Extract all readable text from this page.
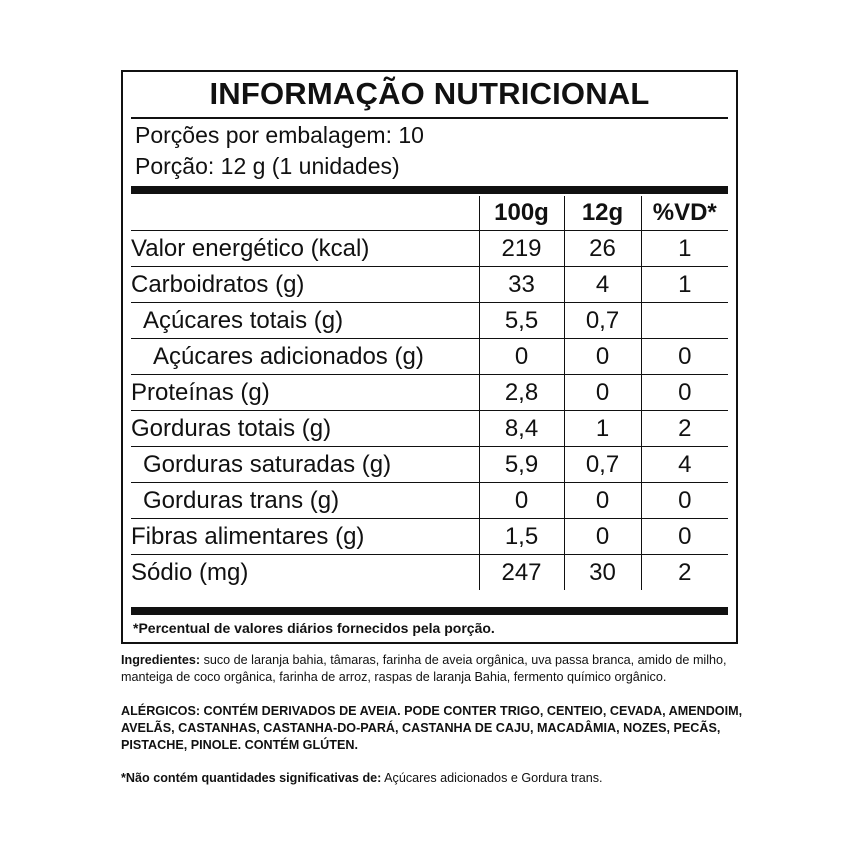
INFORMAÇÃO NUTRICIONAL
Porções por embalagem: 10
Porção: 12 g (1 unidades)
	100g	12g	%VD*
Valor energético (kcal)	219	26	1
Carboidratos (g)	33	4	1
Açúcares totais (g)	5,5	0,7	
Açúcares adicionados (g)	0	0	0
Proteínas (g)	2,8	0	0
Gorduras totais (g)	8,4	1	2
Gorduras saturadas (g)	5,9	0,7	4
Gorduras trans (g)	0	0	0
Fibras alimentares (g)	1,5	0	0
Sódio (mg)	247	30	2
*Percentual de valores diários fornecidos pela porção.
Ingredientes: suco de laranja bahia, tâmaras, farinha de aveia orgânica, uva passa branca, amido de milho, manteiga de coco orgânica, farinha de arroz, raspas de laranja Bahia, fermento químico orgânico.
ALÉRGICOS: CONTÉM DERIVADOS DE AVEIA. PODE CONTER TRIGO, CENTEIO, CEVADA, AMENDOIM, AVELÃS, CASTANHAS, CASTANHA-DO-PARÁ, CASTANHA DE CAJU, MACADÂMIA, NOZES, PECÃS, PISTACHE, PINOLE. CONTÉM GLÚTEN.
*Não contém quantidades significativas de: Açúcares adicionados e Gordura trans.
